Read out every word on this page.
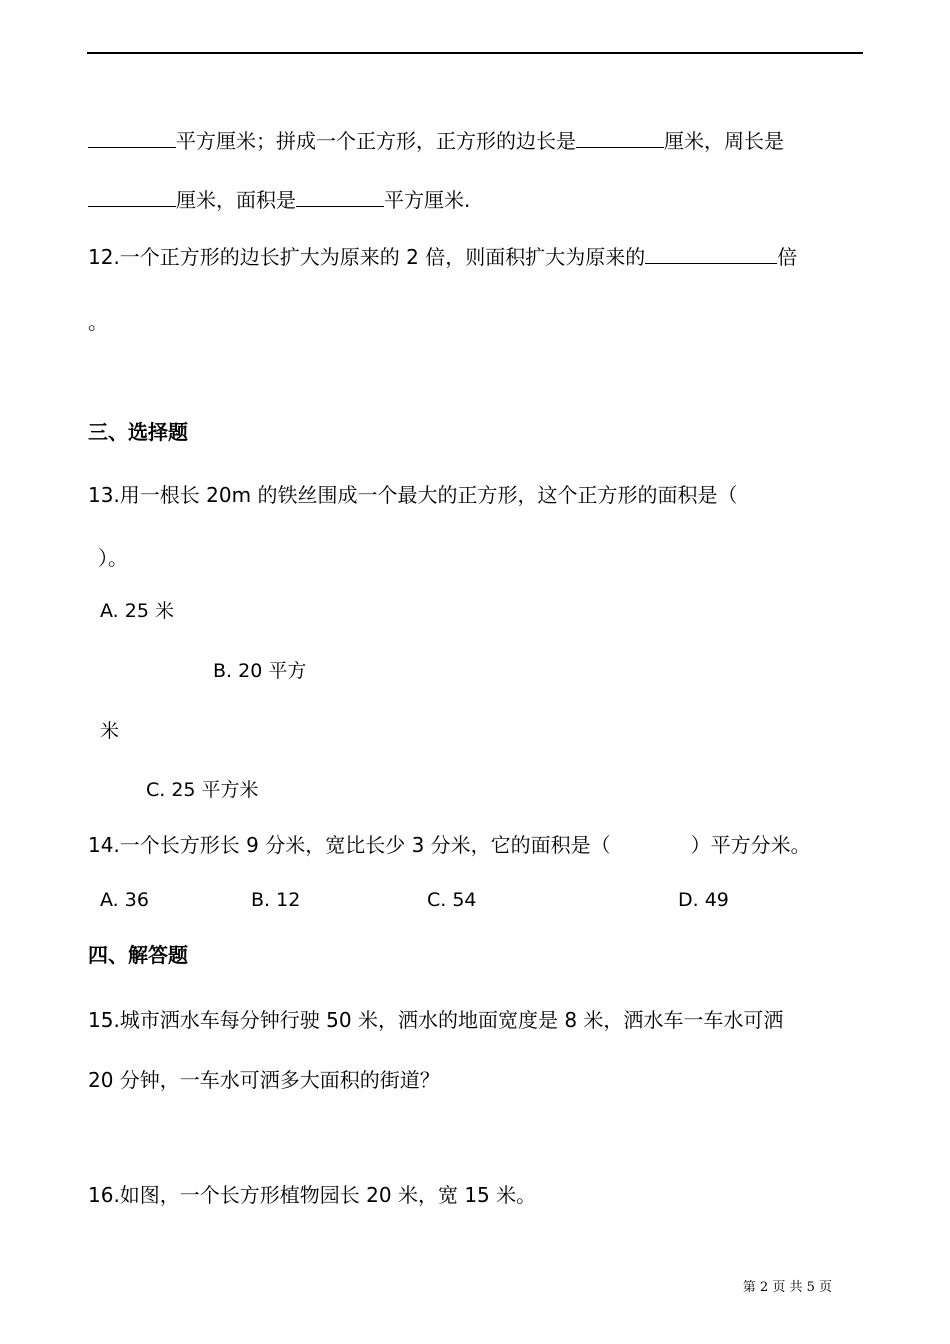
平方厘米；拼成一个正方形，正方形的边长是	厘米，周长是
厘米，面积是	平方厘米.
12.一个正方形的边长扩大为原来的 2 倍，则面积扩大为原来的	倍
。
三、选择题
13.用一根长 20m 的铁丝围成一个最大的正方形，这个正方形的面积是（
）。
A. 25 米
B. 20 平方
米
C. 25 平方米
14.一个长方形长 9 分米，宽比长少 3 分米，它的面积是（　　　　）平方分米。
A. 36	B. 12	C. 54	D. 49
四、解答题
15.城市洒水车每分钟行驶 50 米，洒水的地面宽度是 8 米，洒水车一车水可洒
20 分钟，一车水可洒多大面积的街道？
16.如图，一个长方形植物园长 20 米，宽 15 米。
第 2 页 共 5 页
